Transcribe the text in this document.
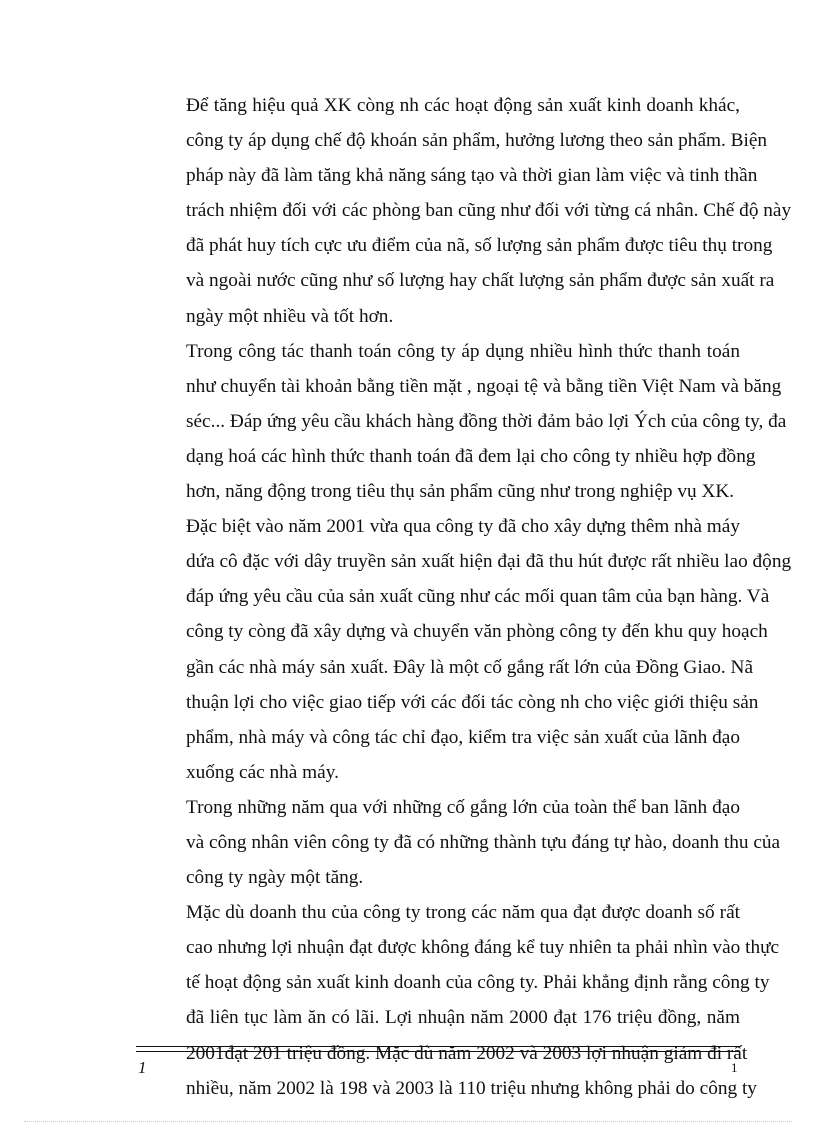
Để tăng hiệu quả XK còng nh các hoạt động sản xuất kinh doanh khác,
công ty áp dụng chế độ khoán sản phẩm, hưởng lương theo sản phẩm. Biện
pháp này đã làm tăng khả năng sáng tạo và thời gian làm việc và tinh thần
trách nhiệm đối với các phòng ban cũng như đối với từng cá nhân. Chế độ này
đã phát huy tích cực ưu điểm của nã, số lượng sản phẩm được tiêu thụ trong
và ngoài nước cũng như số lượng hay chất lượng sản phẩm được sản xuất ra
ngày một nhiều và tốt hơn.
Trong công tác thanh toán công ty áp dụng nhiều hình thức thanh toán
như chuyển tài khoản bằng tiền mặt , ngoại tệ và bằng tiền Việt Nam và băng
séc... Đáp ứng yêu cầu khách hàng đồng thời đảm bảo lợi Ých của công ty, đa
dạng hoá các hình thức thanh toán đã đem lại cho công ty nhiều hợp đồng
hơn, năng động trong tiêu thụ sản phẩm cũng như trong nghiệp vụ XK.
Đặc biệt vào năm 2001 vừa qua công ty đã cho xây dựng thêm nhà máy
dứa cô đặc với dây truyền sản xuất hiện đại đã thu hút được rất nhiều lao động
đáp ứng yêu cầu của sản xuất cũng như các mối quan tâm của bạn hàng. Và
công ty còng đã xây dựng và chuyển văn phòng công ty đến khu quy hoạch
gần các nhà máy sản xuất. Đây là một cố gắng rất lớn của Đồng Giao. Nã
thuận lợi cho việc giao tiếp với các đối tác còng nh cho việc giới thiệu sản
phẩm, nhà máy và công tác chỉ đạo, kiểm tra việc sản xuất của lãnh đạo
xuống các nhà máy.
Trong những năm qua với những cố gắng lớn của toàn thể ban lãnh đạo
và công nhân viên công ty đã có những thành tựu đáng tự hào, doanh thu của
công ty ngày một tăng.
Mặc dù doanh thu của công ty trong các năm qua đạt được doanh số rất
cao nhưng lợi nhuận đạt được không đáng kể tuy nhiên ta phải nhìn vào thực
tế hoạt động sản xuất kinh doanh của công ty. Phải khẳng định rằng công ty
đã liên tục làm ăn có lãi. Lợi nhuận năm 2000 đạt 176 triệu đồng, năm
2001đạt 201 triệu đồng. Mặc dù năm 2002 và 2003 lợi nhuận giảm đi rất
nhiều, năm 2002 là 198 và 2003 là 110 triệu nhưng không phải do công ty
1	1
